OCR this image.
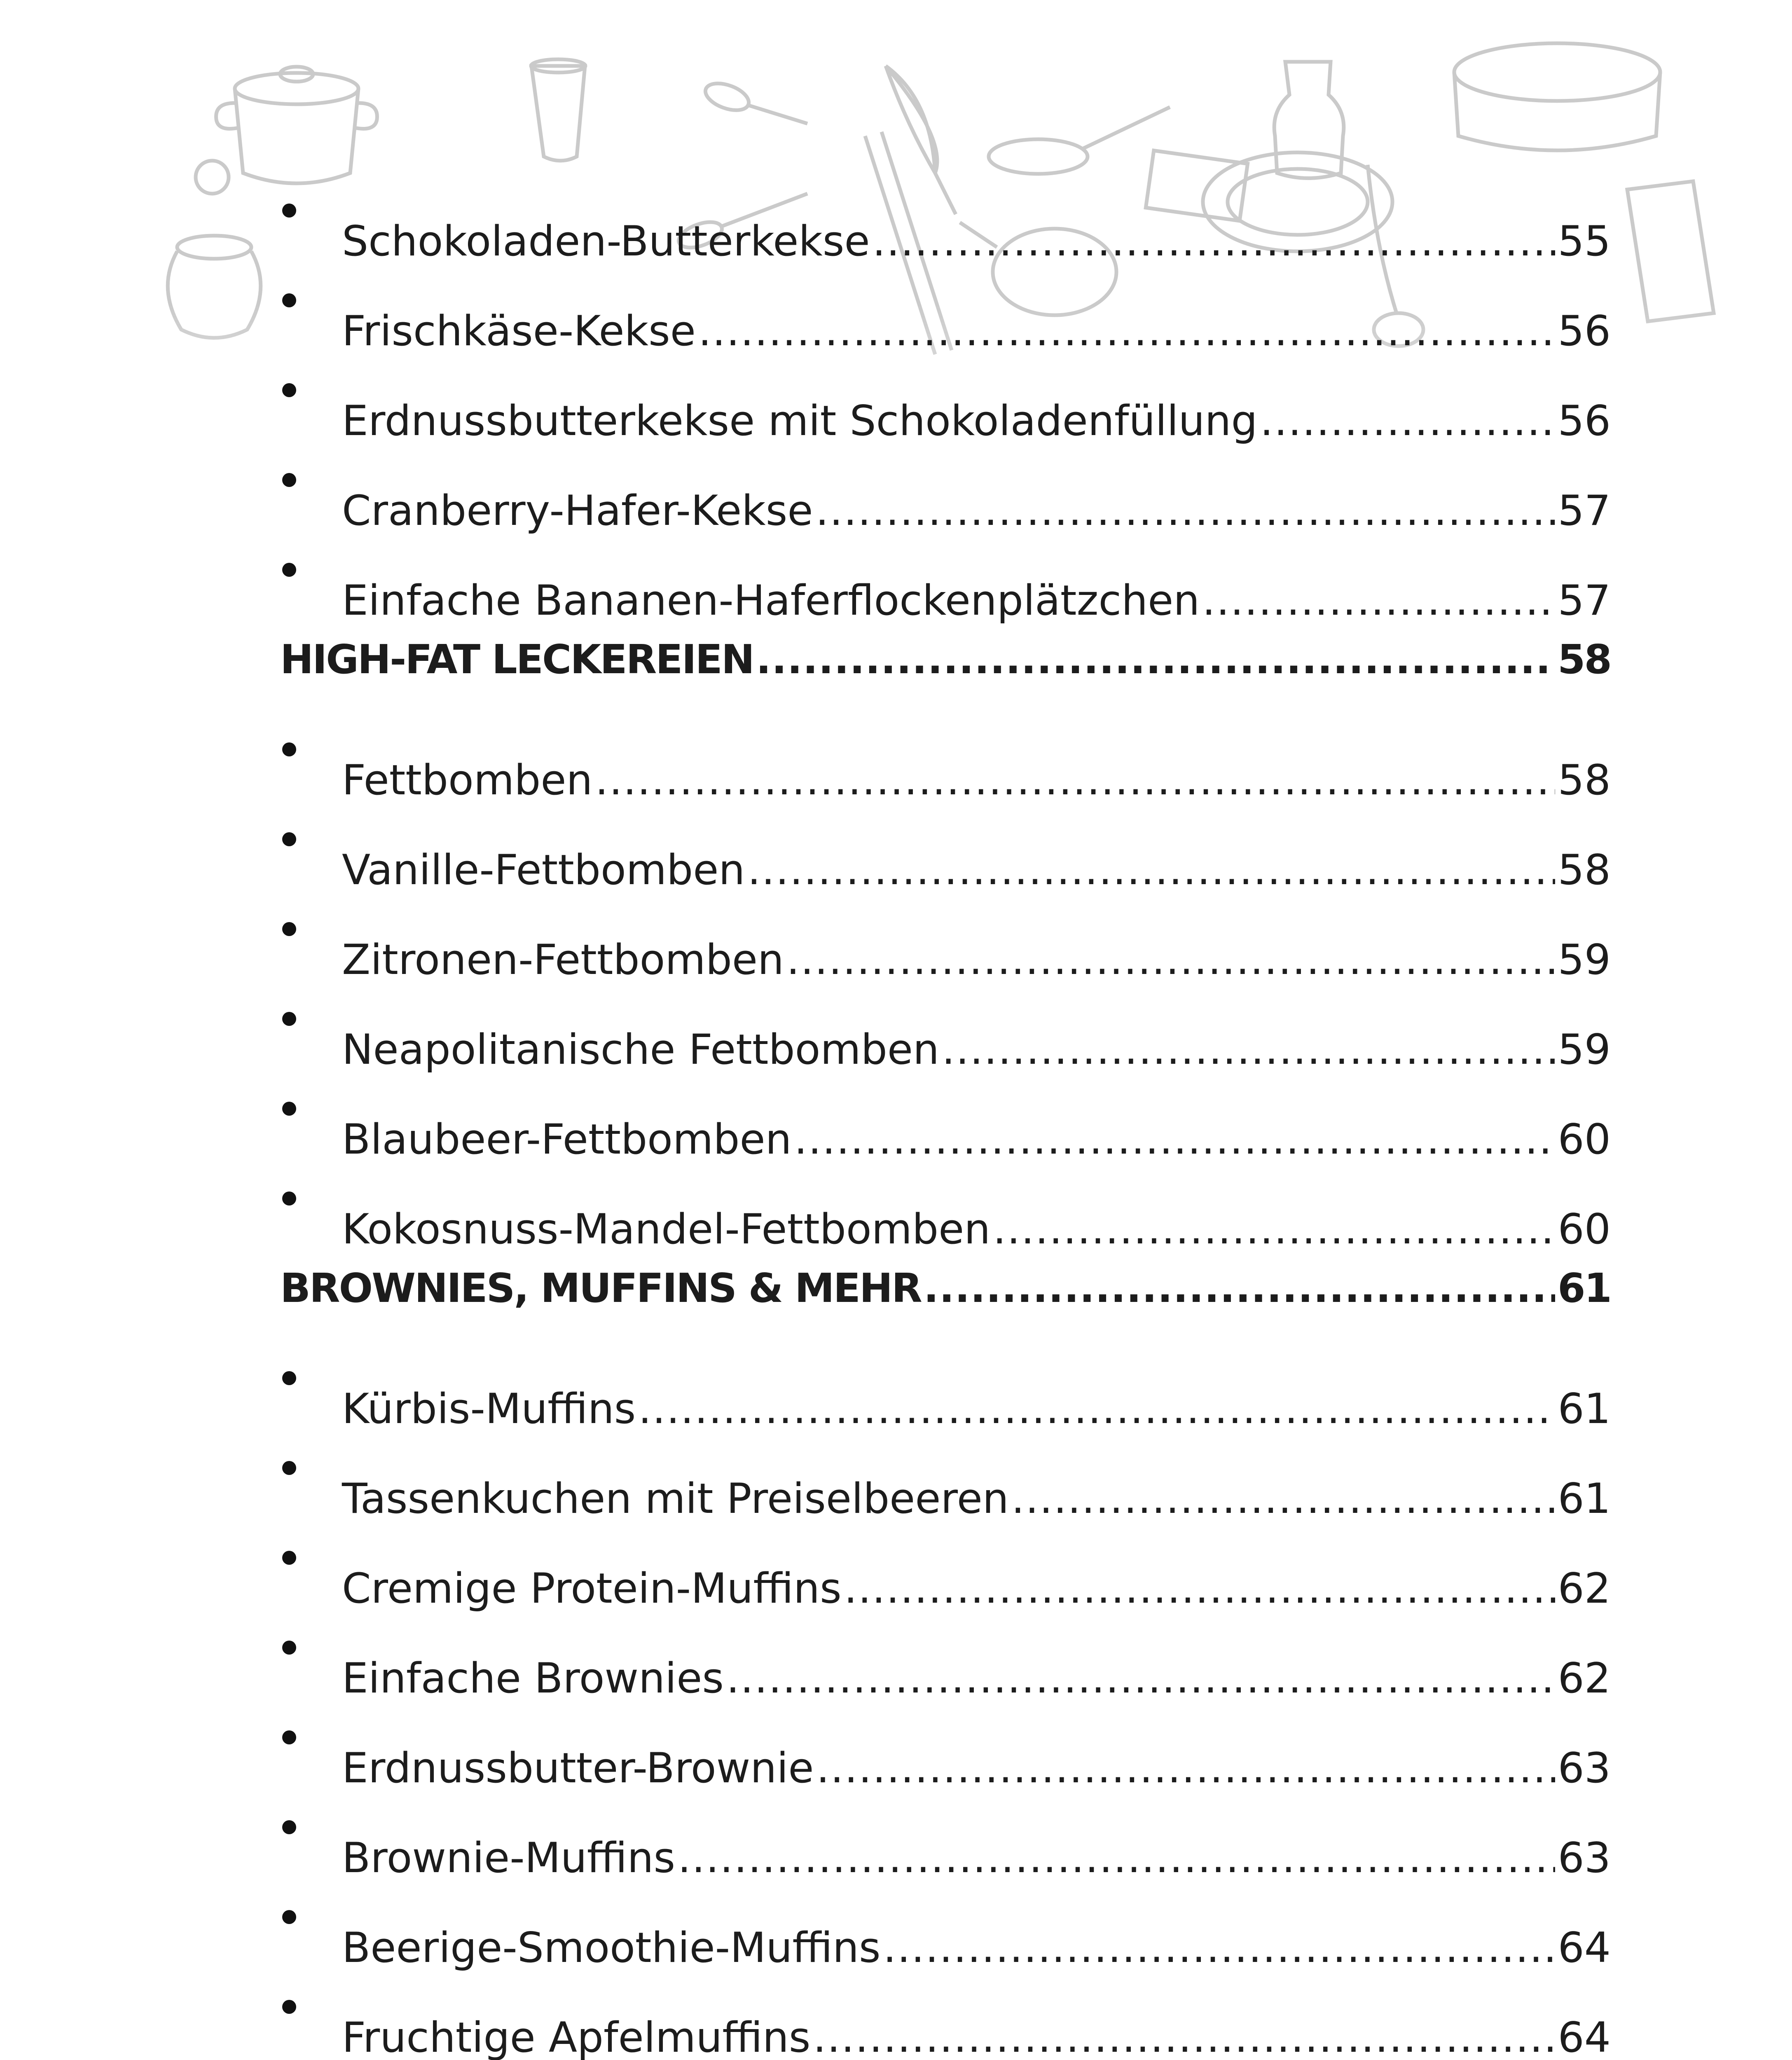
Schokoladen-Butterkekse .....	55
Frischkäse-Kekse .....	56
Erdnussbutterkekse mit Schokoladenfüllung .....	56
Cranberry-Hafer-Kekse .....	57
Einfache Bananen-Haferflockenplätzchen .....	57
HIGH-FAT LECKEREIEN .....	58
Fettbomben .....	58
Vanille-Fettbomben .....	58
Zitronen-Fettbomben .....	59
Neapolitanische Fettbomben .....	59
Blaubeer-Fettbomben .....	60
Kokosnuss-Mandel-Fettbomben .....	60
BROWNIES, MUFFINS & MEHR .....	61
Kürbis-Muffins .....	61
Tassenkuchen mit Preiselbeeren .....	61
Cremige Protein-Muffins .....	62
Einfache Brownies .....	62
Erdnussbutter-Brownie .....	63
Brownie-Muffins .....	63
Beerige-Smoothie-Muffins .....	64
Fruchtige Apfelmuffins .....	64
